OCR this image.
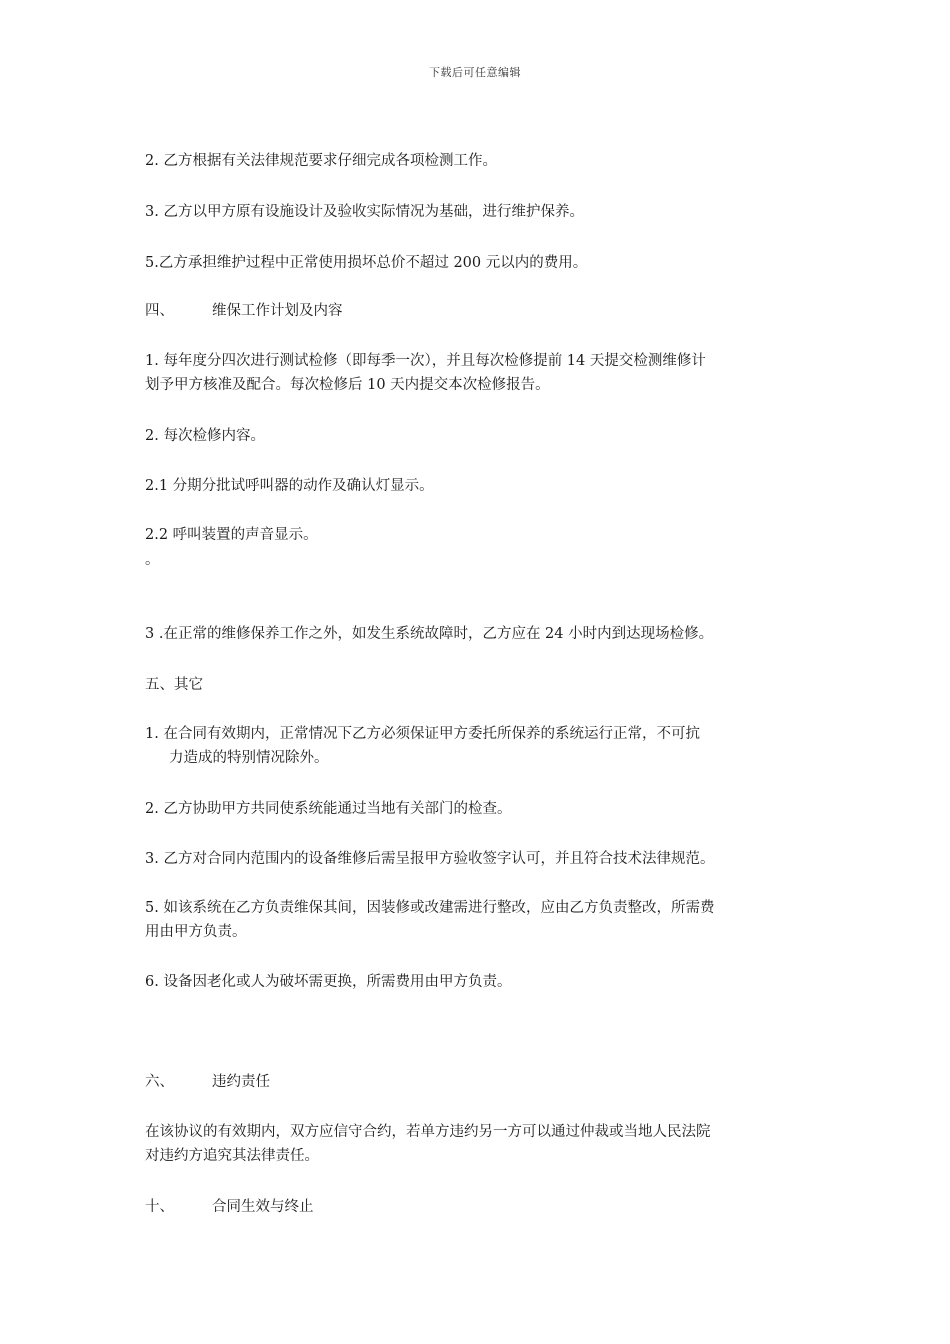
下载后可任意编辑
2. 乙方根据有关法律规范要求仔细完成各项检测工作。
3. 乙方以甲方原有设施设计及验收实际情况为基础，进行维护保养。
5.乙方承担维护过程中正常使用损坏总价不超过 200 元以内的费用。
四、	维保工作计划及内容
1. 每年度分四次进行测试检修（即每季一次），并且每次检修提前 14 天提交检测维修计
划予甲方核准及配合。每次检修后 10 天内提交本次检修报告。
2. 每次检修内容。
2.1 分期分批试呼叫器的动作及确认灯显示。
2.2 呼叫装置的声音显示。
。
3 .在正常的维修保养工作之外，如发生系统故障时，乙方应在 24 小时内到达现场检修。
五、其它
1. 在合同有效期内，正常情况下乙方必须保证甲方委托所保养的系统运行正常，不可抗
力造成的特别情况除外。
2. 乙方协助甲方共同使系统能通过当地有关部门的检查。
3. 乙方对合同内范围内的设备维修后需呈报甲方验收签字认可，并且符合技术法律规范。
5. 如该系统在乙方负责维保其间，因装修或改建需进行整改，应由乙方负责整改，所需费
用由甲方负责。
6. 设备因老化或人为破坏需更换，所需费用由甲方负责。
六、	违约责任
在该协议的有效期内，双方应信守合约，若单方违约另一方可以通过仲裁或当地人民法院
对违约方追究其法律责任。
十、	合同生效与终止
